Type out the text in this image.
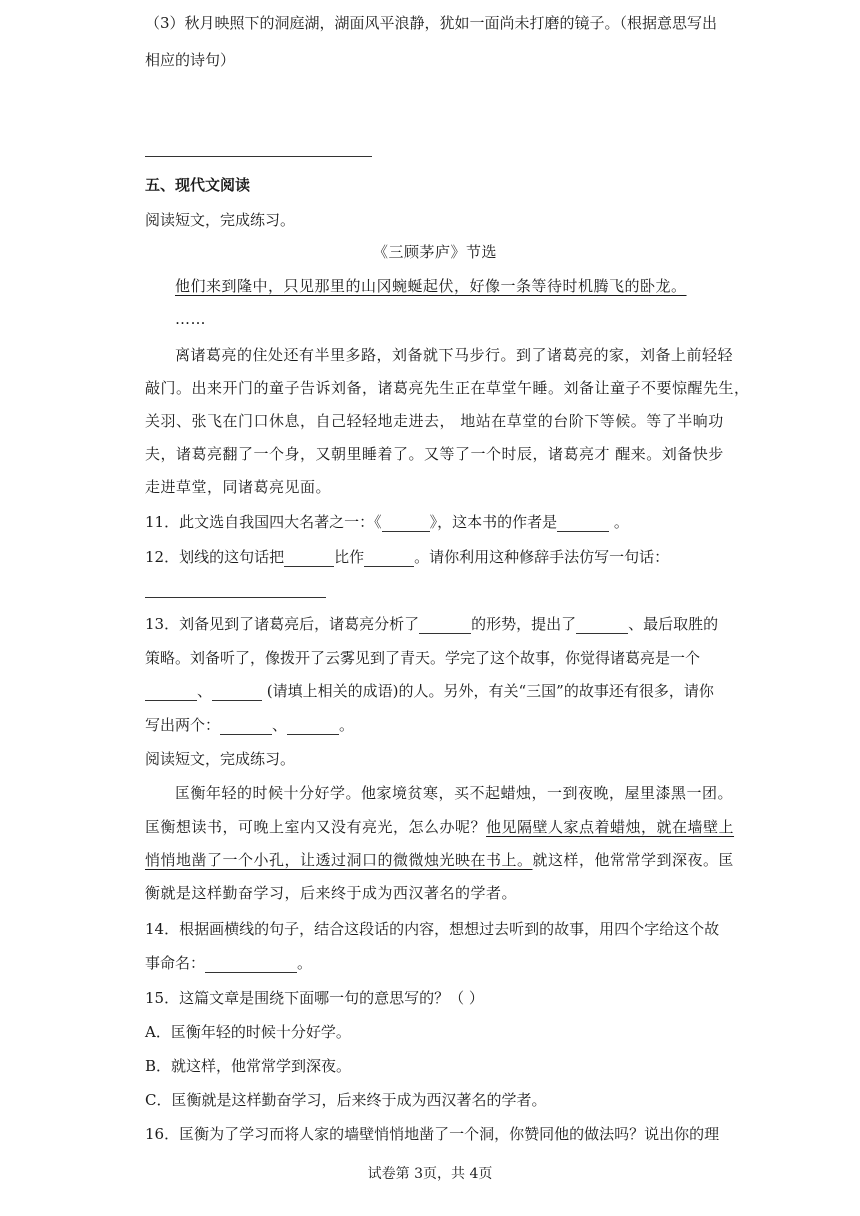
（3）秋月映照下的洞庭湖，湖面风平浪静，犹如一面尚未打磨的镜子。（根据意思写出
相应的诗句）
五、现代文阅读
阅读短文，完成练习。
《三顾茅庐》节选
他们来到隆中，只见那里的山冈蜿蜒起伏，好像一条等待时机腾飞的卧龙。
……
离诸葛亮的住处还有半里多路，刘备就下马步行。到了诸葛亮的家，刘备上前轻轻
敲门。出来开门的童子告诉刘备，诸葛亮先生正在草堂午睡。刘备让童子不要惊醒先生，
关羽、张飞在门口休息，自己轻轻地走进去， 地站在草堂的台阶下等候。等了半晌功
夫，诸葛亮翻了一个身，又朝里睡着了。又等了一个时辰，诸葛亮才 醒来。刘备快步
走进草堂，同诸葛亮见面。
11．此文选自我国四大名著之一：《	》，这本书的作者是	。
12．划线的这句话把	比作	。请你利用这种修辞手法仿写一句话：
13．刘备见到了诸葛亮后，诸葛亮分析了	的形势，提出了	、最后取胜的
策略。刘备听了，像拨开了云雾见到了青天。学完了这个故事，你觉得诸葛亮是一个
、	(请填上相关的成语)的人。另外，有关“三国”的故事还有很多，请你
写出两个：	、	。
阅读短文，完成练习。
匡衡年轻的时候十分好学。他家境贫寒，买不起蜡烛，一到夜晚，屋里漆黑一团。
匡衡想读书，可晚上室内又没有亮光，怎么办呢？他见隔壁人家点着蜡烛，就在墙壁上
悄悄地凿了一个小孔，让透过洞口的微微烛光映在书上。就这样，他常常学到深夜。匡
衡就是这样勤奋学习，后来终于成为西汉著名的学者。
14．根据画横线的句子，结合这段话的内容，想想过去听到的故事，用四个字给这个故
事命名：	。
15．这篇文章是围绕下面哪一句的意思写的？（ ）
A．匡衡年轻的时候十分好学。
B．就这样，他常常学到深夜。
C．匡衡就是这样勤奋学习，后来终于成为西汉著名的学者。
16．匡衡为了学习而将人家的墙壁悄悄地凿了一个洞，你赞同他的做法吗？说出你的理
试卷第 3页，共 4页
